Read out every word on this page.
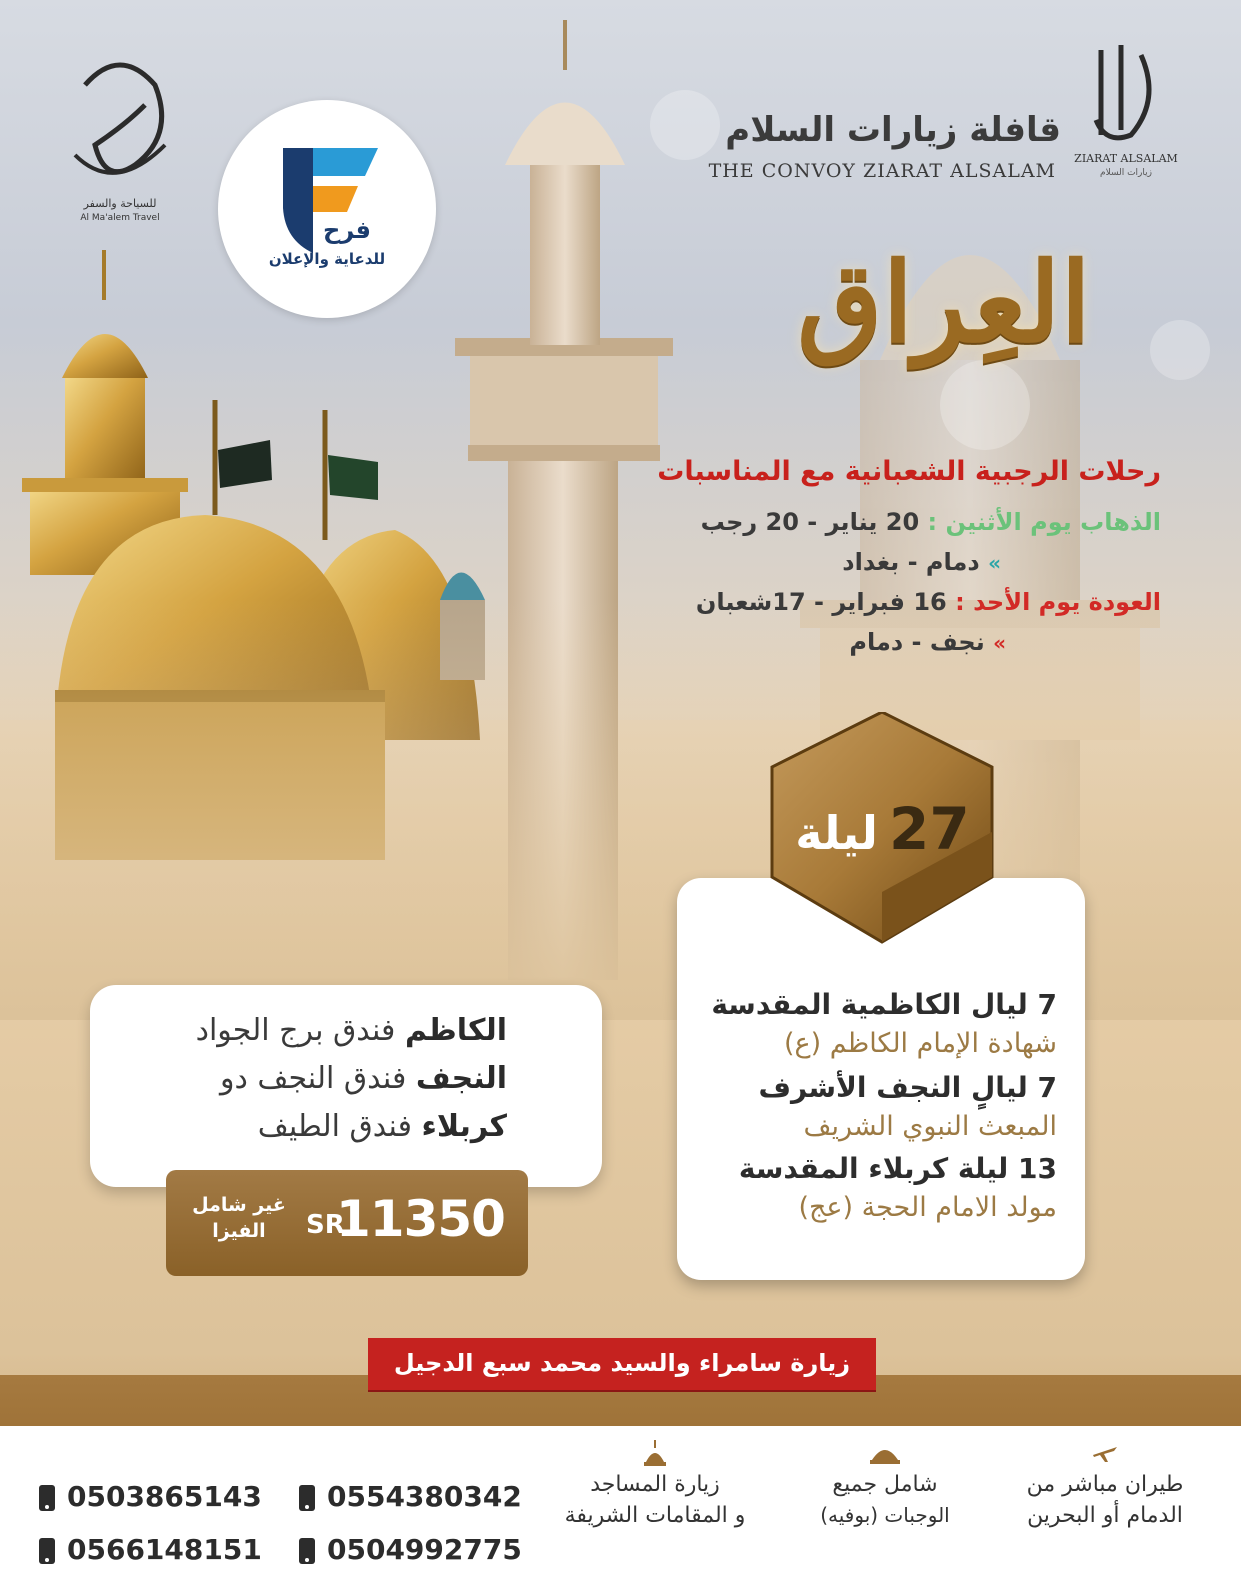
للسياحة والسفر
Al Ma'alem Travel	فرح
للدعاية والإعلان
ZIARAT ALSALAM
زيارات السلام
قافلة زيارات السلام
THE CONVOY ZIARAT ALSALAM
العِراق
رحلات الرجبية الشعبانية مع المناسبات
الذهاب يوم الأثنين : 20 يناير - 20 رجب
» دمام - بغداد
العودة يوم الأحد : 16 فبراير - 17شعبان
» نجف - دمام
7 ليال الكاظمية المقدسة
شهادة الإمام الكاظم (ع)
7 ليالٍ النجف الأشرف
المبعث النبوي الشريف
13 ليلة كربلاء المقدسة
مولد الامام الحجة (عج)
27 ليلة
الكاظم فندق برج الجواد
النجف فندق النجف دو
كربلاء فندق الطيف
غير شامل
الفيزا	SR
11350
زيارة سامراء والسيد محمد سبع الدجيل
طيران مباشر من
الدمام أو البحرين
شامل جميع
الوجبات (بوفيه)
زيارة المساجد
و المقامات الشريفة
0554380342
0504992775
0503865143
0566148151
